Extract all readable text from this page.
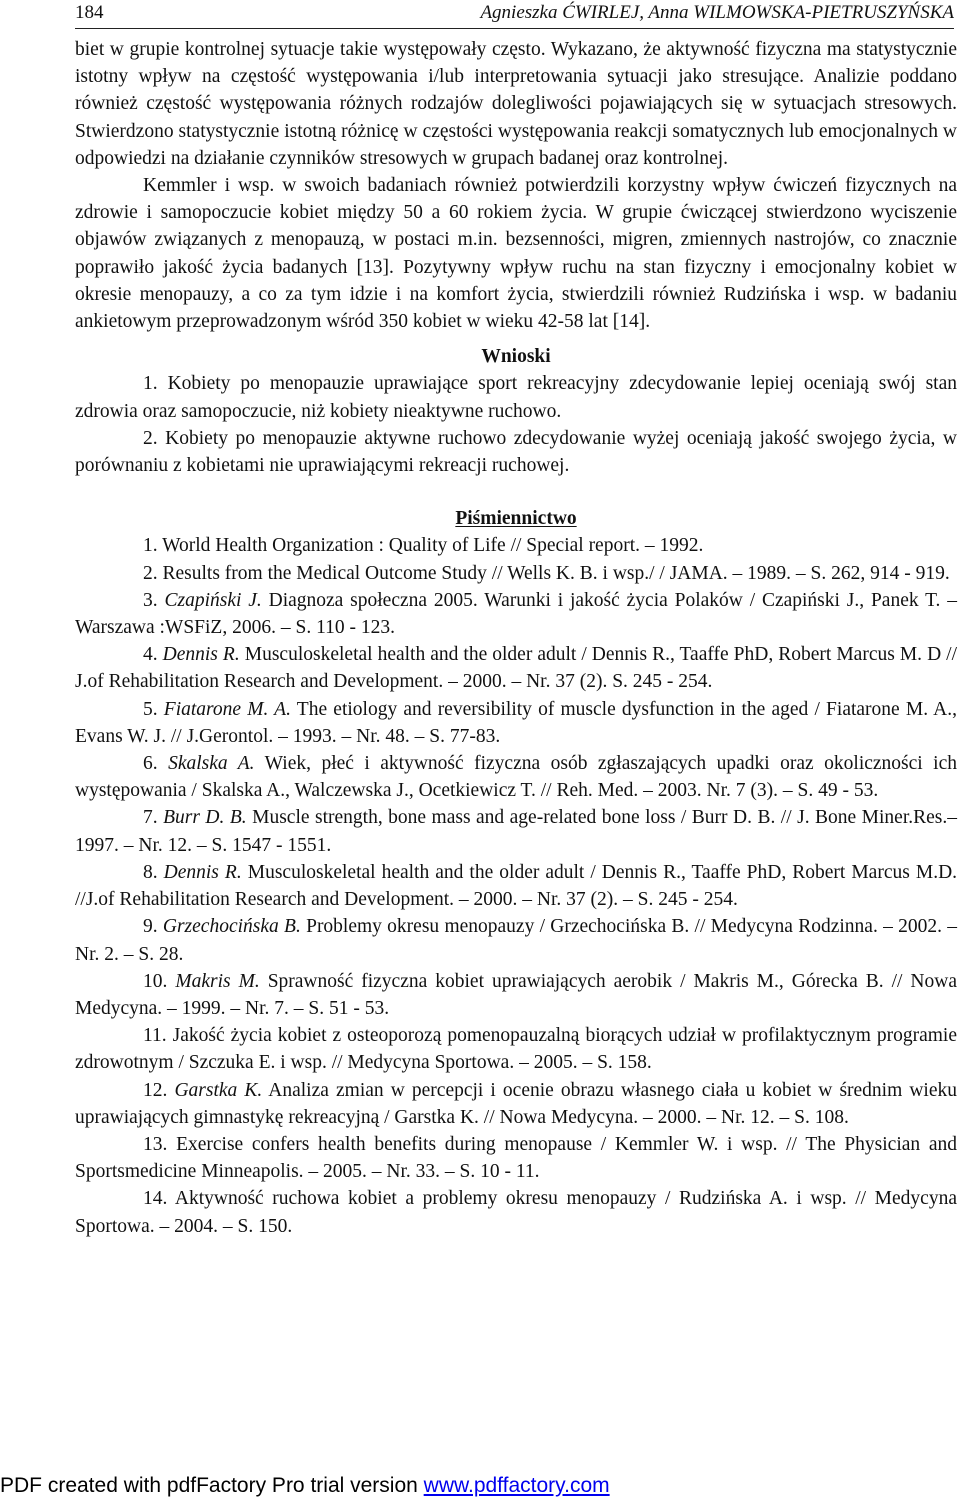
184	Agnieszka ĆWIRLEJ, Anna WILMOWSKA-PIETRUSZYŃSKA

biet w grupie kontrolnej sytuacje takie występowały często. Wykazano, że aktywność fizyczna ma statystycznie istotny wpływ na częstość występowania i/lub interpretowania sytuacji jako stresujące. Analizie poddano również częstość występowania różnych rodzajów dolegliwości pojawiających się w sytuacjach stresowych. Stwierdzono statystycznie istotną różnicę w częstości występowania reakcji somatycznych lub emocjonalnych w odpowiedzi na działanie czynników stresowych w grupach badanej oraz kontrolnej.

Kemmler i wsp. w swoich badaniach również potwierdzili korzystny wpływ ćwiczeń fizycznych na zdrowie i samopoczucie kobiet między 50 a 60 rokiem życia. W grupie ćwiczącej stwierdzono wyciszenie objawów związanych z menopauzą, w postaci m.in. bezsenności, migren, zmiennych nastrojów, co znacznie poprawiło jakość życia badanych [13]. Pozytywny wpływ ruchu na stan fizyczny i emocjonalny kobiet w okresie menopauzy, a co za tym idzie i na komfort życia, stwierdzili również Rudzińska i wsp. w badaniu ankietowym przeprowadzonym wśród 350 kobiet w wieku 42-58 lat [14].

Wnioski

1. Kobiety po menopauzie uprawiające sport rekreacyjny zdecydowanie lepiej oceniają swój stan zdrowia oraz samopoczucie, niż kobiety nieaktywne ruchowo.

2. Kobiety po menopauzie aktywne ruchowo zdecydowanie wyżej oceniają jakość swojego życia, w porównaniu z kobietami nie uprawiającymi rekreacji ruchowej.

Piśmiennictwo

1. World Health Organization : Quality of Life // Special report. – 1992.

2. Results from the Medical Outcome Study // Wells K. B. i wsp./ / JAMA. – 1989. – S. 262, 914 - 919.

3. Czapiński J. Diagnoza społeczna 2005. Warunki i jakość życia Polaków / Czapiński J., Panek T. – Warszawa :WSFiZ, 2006. – S. 110 - 123.

4. Dennis R. Musculoskeletal health and the older adult / Dennis R., Taaffe PhD, Robert Marcus M. D // J.of Rehabilitation Research and Development. – 2000. – Nr. 37 (2). S. 245 - 254.

5. Fiatarone M. A. The etiology and reversibility of muscle dysfunction in the aged / Fiatarone M. A., Evans W. J. // J.Gerontol. – 1993. – Nr. 48. – S. 77-83.

6. Skalska A. Wiek, płeć i aktywność fizyczna osób zgłaszających upadki oraz okoliczności ich występowania / Skalska A., Walczewska J., Ocetkiewicz T. // Reh. Med. – 2003. Nr. 7 (3). – S. 49 - 53.

7. Burr D. B. Muscle strength, bone mass and age-related bone loss / Burr D. B. // J. Bone Miner.Res.– 1997. – Nr. 12. – S. 1547 - 1551.

8. Dennis R. Musculoskeletal health and the older adult / Dennis R., Taaffe PhD, Robert Marcus M.D. //J.of Rehabilitation Research and Development. – 2000. – Nr. 37 (2). – S. 245 - 254.

9. Grzechocińska B. Problemy okresu menopauzy / Grzechocińska B. // Medycyna Rodzinna. – 2002. – Nr. 2. – S. 28.

10. Makris M. Sprawność fizyczna kobiet uprawiających aerobik / Makris M., Górecka B. // Nowa Medycyna. – 1999. – Nr. 7. – S. 51 - 53.

11. Jakość życia kobiet z osteoporozą pomenopauzalną biorących udział w profilaktycznym programie zdrowotnym / Szczuka E. i wsp. // Medycyna Sportowa. – 2005. – S. 158.

12. Garstka K. Analiza zmian w percepcji i ocenie obrazu własnego ciała u kobiet w średnim wieku uprawiających gimnastykę rekreacyjną / Garstka K. // Nowa Medycyna. – 2000. – Nr. 12. – S. 108.

13. Exercise confers health benefits during menopause / Kemmler W. i wsp. // The Physician and Sportsmedicine Minneapolis. – 2005. – Nr. 33. – S. 10 - 11.

14. Aktywność ruchowa kobiet a problemy okresu menopauzy / Rudzińska A. i wsp. // Medycyna Sportowa. – 2004. – S. 150.

PDF created with pdfFactory Pro trial version www.pdffactory.com
